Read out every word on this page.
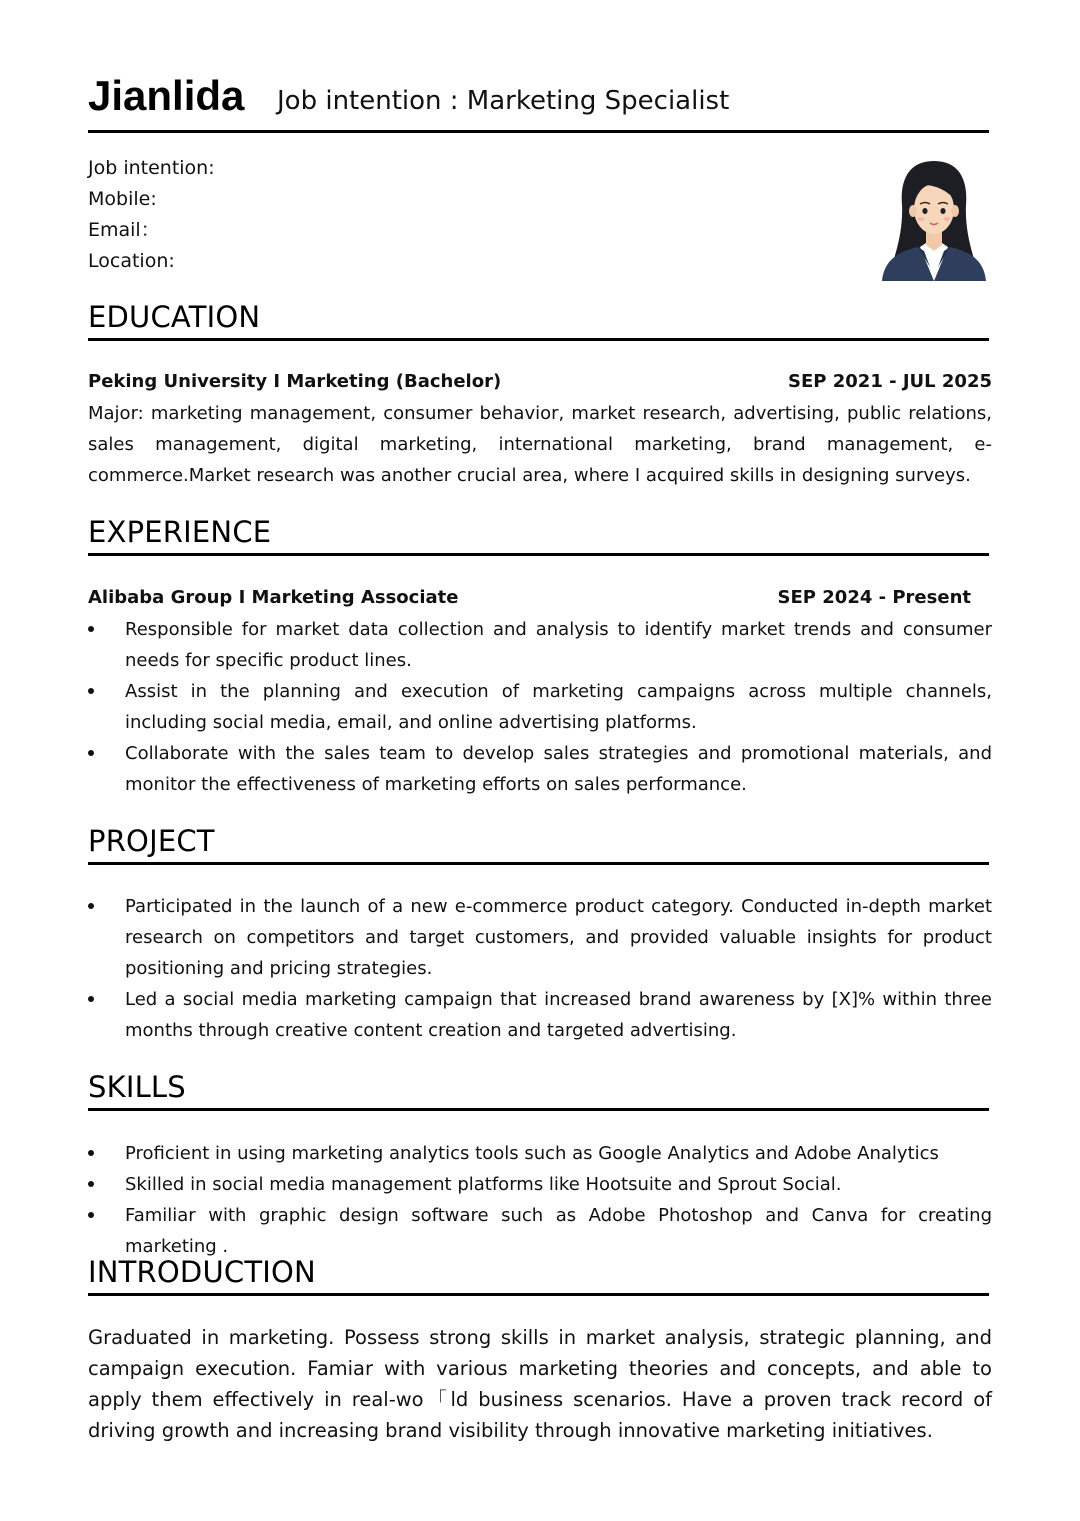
Jianlida Job intention : Marketing Specialist
Job intention:
Mobile:
Email：
Location:
EDUCATION
Peking University I Marketing (Bachelor)	SEP 2021 - JUL 2025
Major: marketing management, consumer behavior, market research, advertising, public relations, sales management, digital marketing, international marketing, brand management, e-commerce.Market research was another crucial area, where I acquired skills in designing surveys.
EXPERIENCE
Alibaba Group I Marketing Associate	SEP 2024 - Present
Responsible for market data collection and analysis to identify market trends and consumer needs for specific product lines.
Assist in the planning and execution of marketing campaigns across multiple channels, including social media, email, and online advertising platforms.
Collaborate with the sales team to develop sales strategies and promotional materials, and monitor the effectiveness of marketing efforts on sales performance.
PROJECT
Participated in the launch of a new e-commerce product category. Conducted in-depth market research on competitors and target customers, and provided valuable insights for product positioning and pricing strategies.
Led a social media marketing campaign that increased brand awareness by [X]% within three months through creative content creation and targeted advertising.
SKILLS
Proficient in using marketing analytics tools such as Google Analytics and Adobe Analytics
Skilled in social media management platforms like Hootsuite and Sprout Social.
Familiar with graphic design software such as Adobe Photoshop and Canva for creating marketing .
INTRODUCTION
Graduated in marketing. Possess strong skills in market analysis, strategic planning, and campaign execution. Famiar with various marketing theories and concepts, and able to apply them effectively in real-wo「ld business scenarios. Have a proven track record of driving growth and increasing brand visibility through innovative marketing initiatives.
